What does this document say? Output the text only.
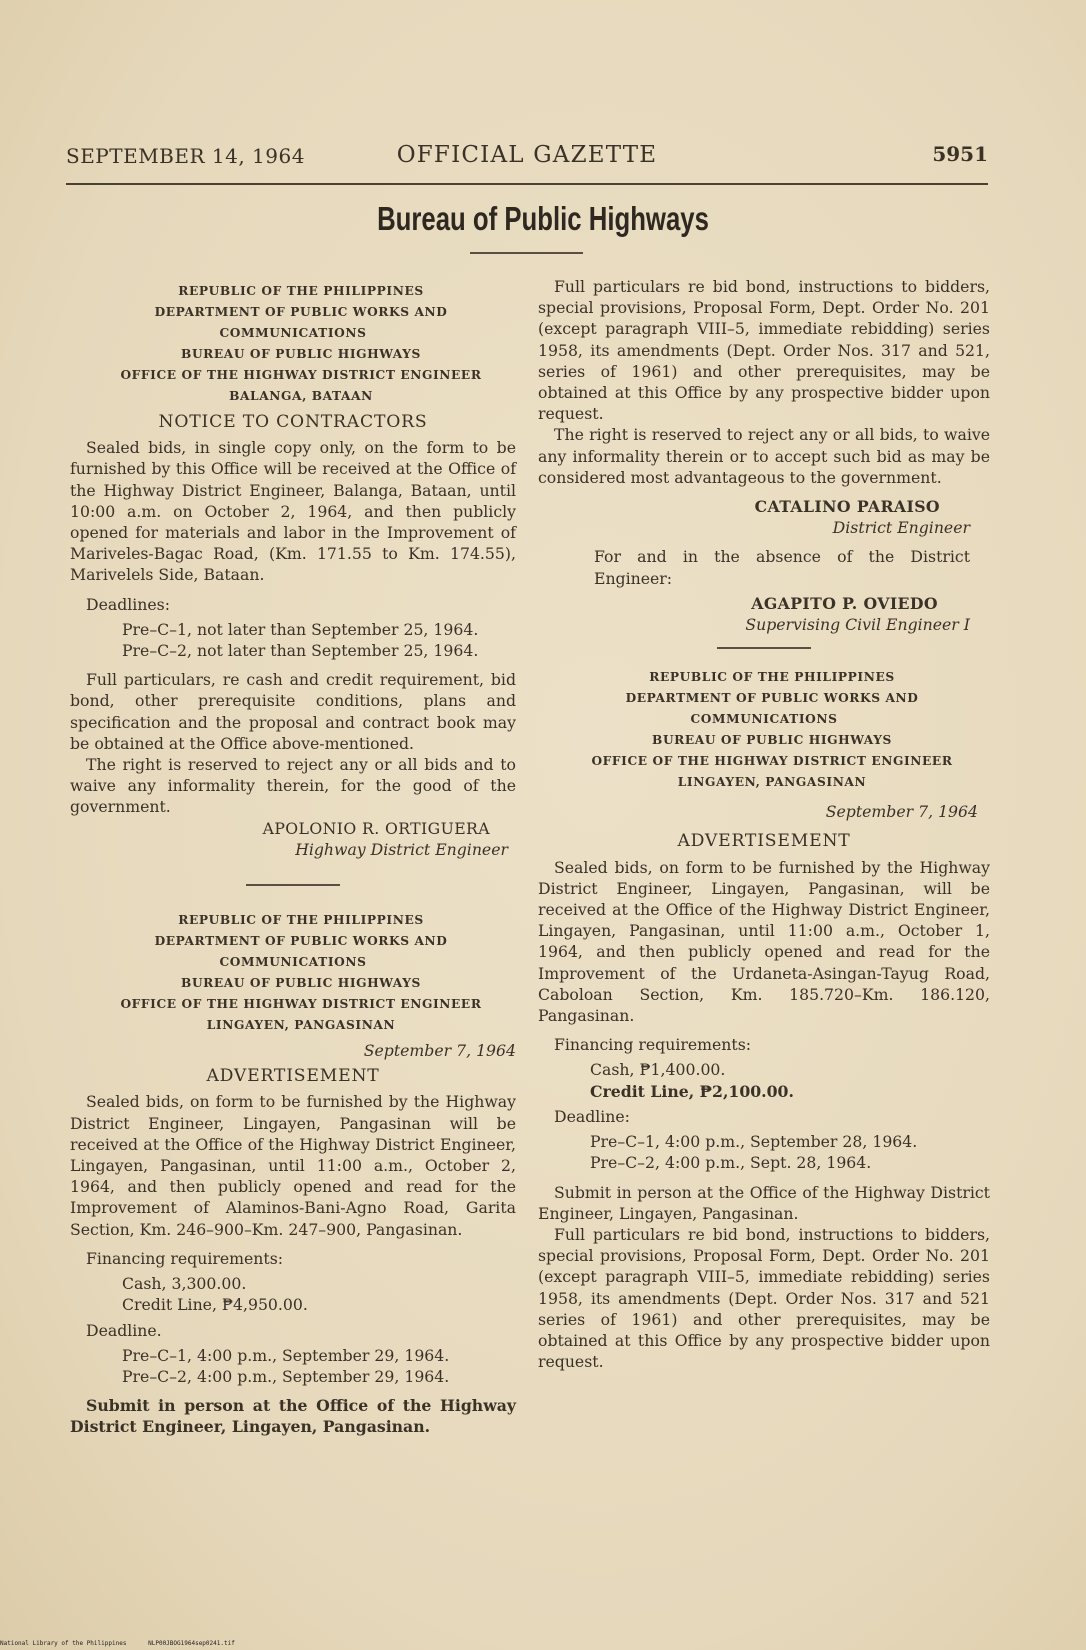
SEPTEMBER 14, 1964	OFFICIAL GAZETTE	5951
Bureau of Public Highways

REPUBLIC OF THE PHILIPPINES

DEPARTMENT OF PUBLIC WORKS AND COMMUNICATIONS

BUREAU OF PUBLIC HIGHWAYS

OFFICE OF THE HIGHWAY DISTRICT ENGINEER

BALANGA, BATAAN

NOTICE TO CONTRACTORS

Sealed bids, in single copy only, on the form to be furnished by this Office will be received at the Office of the Highway District Engineer, Balanga, Bataan, until 10:00 a.m. on October 2, 1964, and then publicly opened for materials and labor in the Improvement of Mariveles-Bagac Road, (Km. 171.55 to Km. 174.55), Marivelels Side, Bataan.

Deadlines:
Pre–C–1, not later than September 25, 1964.
Pre–C–2, not later than September 25, 1964.

Full particulars, re cash and credit requirement, bid bond, other prerequisite conditions, plans and specification and the proposal and contract book may be obtained at the Office above-mentioned.

The right is reserved to reject any or all bids and to waive any informality therein, for the good of the government.

APOLONIO R. ORTIGUERA
Highway District Engineer

REPUBLIC OF THE PHILIPPINES

DEPARTMENT OF PUBLIC WORKS AND COMMUNICATIONS

BUREAU OF PUBLIC HIGHWAYS

OFFICE OF THE HIGHWAY DISTRICT ENGINEER

LINGAYEN, PANGASINAN

September 7, 1964
ADVERTISEMENT

Sealed bids, on form to be furnished by the Highway District Engineer, Lingayen, Pangasinan will be received at the Office of the Highway District Engineer, Lingayen, Pangasinan, until 11:00 a.m., October 2, 1964, and then publicly opened and read for the Improvement of Alaminos-Bani-Agno Road, Garita Section, Km. 246–900–Km. 247–900, Pangasinan.

Financing requirements:
Cash, 3,300.00.
Credit Line, ₱4,950.00.
Deadline.
Pre–C–1, 4:00 p.m., September 29, 1964.
Pre–C–2, 4:00 p.m., September 29, 1964.

Submit in person at the Office of the Highway District Engineer, Lingayen, Pangasinan.

Full particulars re bid bond, instructions to bidders, special provisions, Proposal Form, Dept. Order No. 201 (except paragraph VIII–5, immediate rebidding) series 1958, its amendments (Dept. Order Nos. 317 and 521, series of 1961) and other prerequisites, may be obtained at this Office by any prospective bidder upon request.

The right is reserved to reject any or all bids, to waive any informality therein or to accept such bid as may be considered most advantageous to the government.

CATALINO PARAISO
District Engineer

For and in the absence of the District Engineer:

AGAPITO P. OVIEDO
Supervising Civil Engineer I

REPUBLIC OF THE PHILIPPINES

DEPARTMENT OF PUBLIC WORKS AND COMMUNICATIONS

BUREAU OF PUBLIC HIGHWAYS

OFFICE OF THE HIGHWAY DISTRICT ENGINEER

LINGAYEN, PANGASINAN

September 7, 1964
ADVERTISEMENT

Sealed bids, on form to be furnished by the Highway District Engineer, Lingayen, Pangasinan, will be received at the Office of the Highway District Engineer, Lingayen, Pangasinan, until 11:00 a.m., October 1, 1964, and then publicly opened and read for the Improvement of the Urdaneta-Asingan-Tayug Road, Caboloan Section, Km. 185.720–Km. 186.120, Pangasinan.

Financing requirements:
Cash, ₱1,400.00.
Credit Line, ₱2,100.00.
Deadline:
Pre–C–1, 4:00 p.m., September 28, 1964.
Pre–C–2, 4:00 p.m., Sept. 28, 1964.

Submit in person at the Office of the Highway District Engineer, Lingayen, Pangasinan.

Full particulars re bid bond, instructions to bidders, special provisions, Proposal Form, Dept. Order No. 201 (except paragraph VIII–5, immediate rebidding) series 1958, its amendments (Dept. Order Nos. 317 and 521 series of 1961) and other prerequisites, may be obtained at this Office by any prospective bidder upon request.

National Library of the Philippines	NLP00JBOG1964sep0241.tif
